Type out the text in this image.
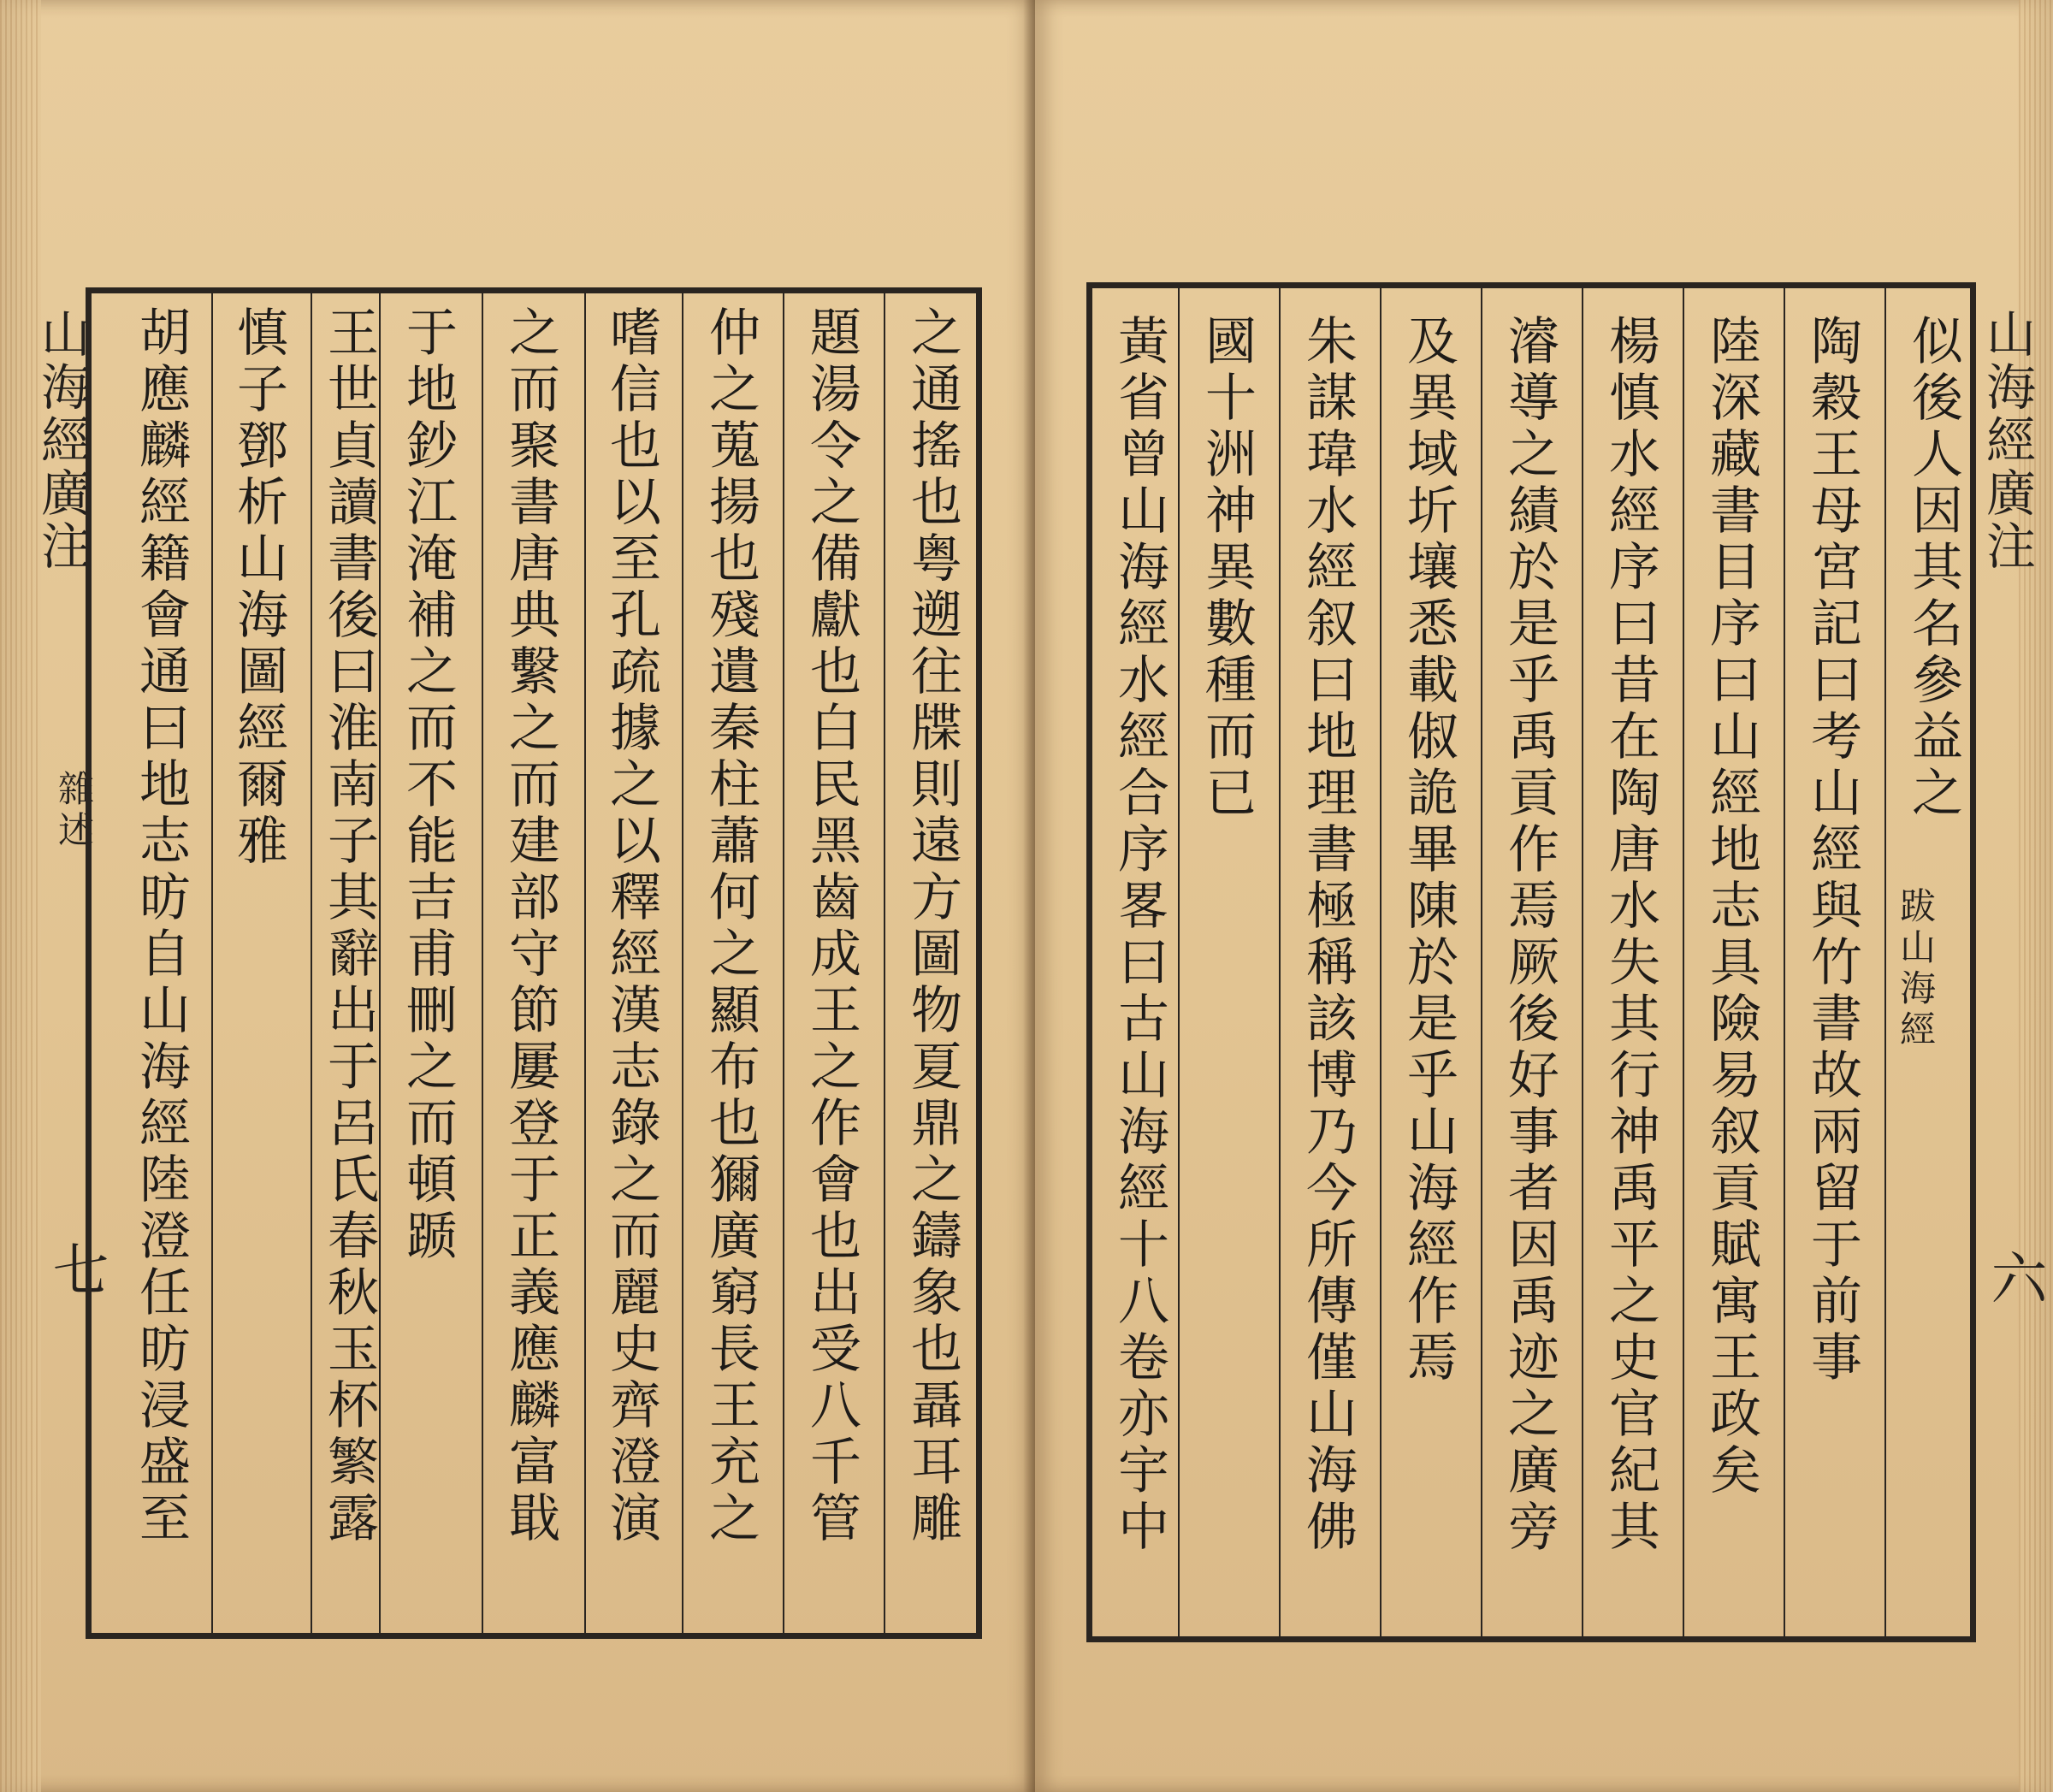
山海經廣注
雜述
七	之通搖也粤遡往牒則遠方圖物夏鼎之鑄象也聶耳雕
題湯令之備獻也白民黑齒成王之作會也出受八千管
仲之蒐揚也殘遺秦柱蕭何之顯布也獮廣窮長王充之
嗜信也以至孔疏據之以釋經漢志錄之而麗史齊澄演
之而聚書唐典繫之而建部守節屢登于正義應麟富戢
于地鈔江淹補之而不能吉甫刪之而頓踬
王世貞讀書後曰淮南子其辭出于呂氏春秋玉杯繁露
慎子鄧析山海圖經爾雅
胡應麟經籍會通曰地志昉自山海經陸澄任昉浸盛至	山海經廣注
六
似後人因其名參益之
陶穀王母宮記曰考山經與竹書故兩留于前事
陸深藏書目序曰山經地志具險易叙貢賦寓王政矣
楊慎水經序曰昔在陶唐水失其行神禹平之史官紀其
濬導之績於是乎禹貢作焉厥後好事者因禹迹之廣旁
及異域圻壤悉載俶詭畢陳於是乎山海經作焉
朱謀瑋水經叙曰地理書極稱該博乃今所傳僅山海佛
國十洲神異數種而已
黃省曾山海經水經合序畧曰古山海經十八卷亦宇中	跋山海經
